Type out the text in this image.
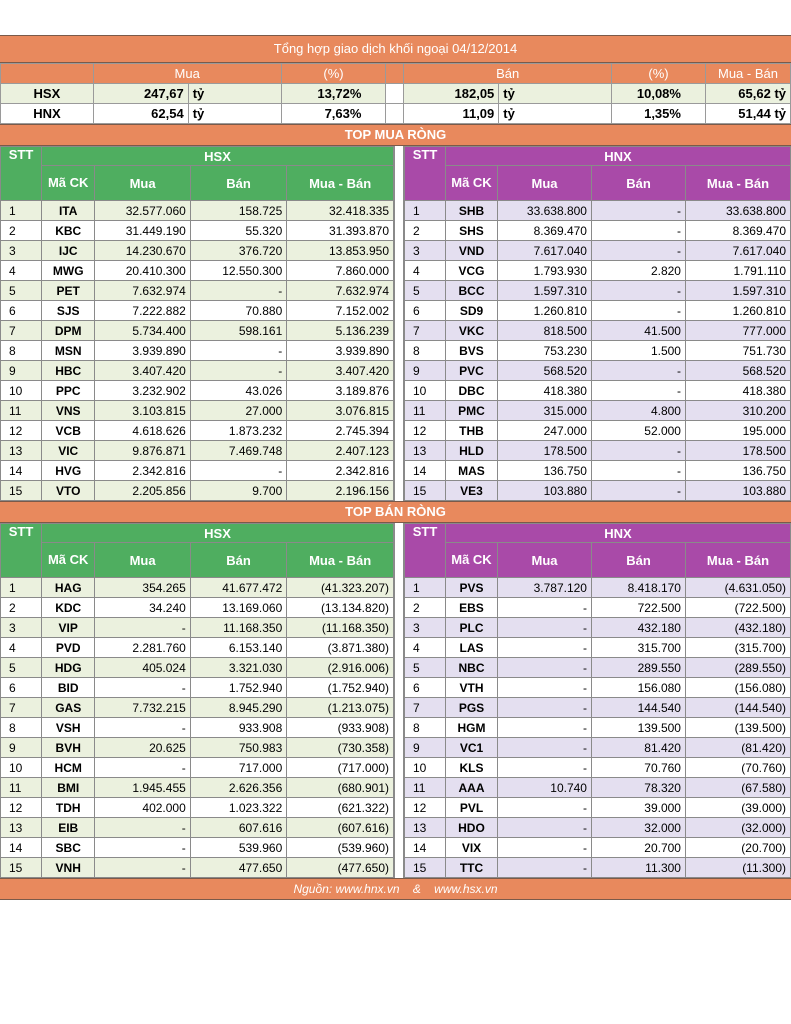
Tổng hợp giao dịch khối ngoại 04/12/2014
	Mua		(%)		Bán		(%)	Mua - Bán
HSX	247,67	tỷ	13,72%		182,05	tỷ	10,08%	65,62 tỷ
HNX	62,54	tỷ	7,63%		11,09	tỷ	1,35%	51,44 tỷ
TOP MUA RÒNG
STT	HSX			
	Mã CK	Mua	Bán	Mua - Bán
1	ITA	32.577.060	158.725	32.418.335
2	KBC	31.449.190	55.320	31.393.870
3	IJC	14.230.670	376.720	13.853.950
4	MWG	20.410.300	12.550.300	7.860.000
5	PET	7.632.974	-	7.632.974
6	SJS	7.222.882	70.880	7.152.002
7	DPM	5.734.400	598.161	5.136.239
8	MSN	3.939.890	-	3.939.890
9	HBC	3.407.420	-	3.407.420
10	PPC	3.232.902	43.026	3.189.876
11	VNS	3.103.815	27.000	3.076.815
12	VCB	4.618.626	1.873.232	2.745.394
13	VIC	9.876.871	7.469.748	2.407.123
14	HVG	2.342.816	-	2.342.816
15	VTO	2.205.856	9.700	2.196.156
STT	HNX			
	Mã CK	Mua	Bán	Mua - Bán
1	SHB	33.638.800	-	33.638.800
2	SHS	8.369.470	-	8.369.470
3	VND	7.617.040	-	7.617.040
4	VCG	1.793.930	2.820	1.791.110
5	BCC	1.597.310	-	1.597.310
6	SD9	1.260.810	-	1.260.810
7	VKC	818.500	41.500	777.000
8	BVS	753.230	1.500	751.730
9	PVC	568.520	-	568.520
10	DBC	418.380	-	418.380
11	PMC	315.000	4.800	310.200
12	THB	247.000	52.000	195.000
13	HLD	178.500	-	178.500
14	MAS	136.750	-	136.750
15	VE3	103.880	-	103.880
TOP BÁN RÒNG
STT	HSX			
	Mã CK	Mua	Bán	Mua - Bán
1	HAG	354.265	41.677.472	(41.323.207)
2	KDC	34.240	13.169.060	(13.134.820)
3	VIP	-	11.168.350	(11.168.350)
4	PVD	2.281.760	6.153.140	(3.871.380)
5	HDG	405.024	3.321.030	(2.916.006)
6	BID	-	1.752.940	(1.752.940)
7	GAS	7.732.215	8.945.290	(1.213.075)
8	VSH	-	933.908	(933.908)
9	BVH	20.625	750.983	(730.358)
10	HCM	-	717.000	(717.000)
11	BMI	1.945.455	2.626.356	(680.901)
12	TDH	402.000	1.023.322	(621.322)
13	EIB	-	607.616	(607.616)
14	SBC	-	539.960	(539.960)
15	VNH	-	477.650	(477.650)
STT	HNX			
	Mã CK	Mua	Bán	Mua - Bán
1	PVS	3.787.120	8.418.170	(4.631.050)
2	EBS	-	722.500	(722.500)
3	PLC	-	432.180	(432.180)
4	LAS	-	315.700	(315.700)
5	NBC	-	289.550	(289.550)
6	VTH	-	156.080	(156.080)
7	PGS	-	144.540	(144.540)
8	HGM	-	139.500	(139.500)
9	VC1	-	81.420	(81.420)
10	KLS	-	70.760	(70.760)
11	AAA	10.740	78.320	(67.580)
12	PVL	-	39.000	(39.000)
13	HDO	-	32.000	(32.000)
14	VIX	-	20.700	(20.700)
15	TTC	-	11.300	(11.300)
Nguồn: www.hnx.vn    &    www.hsx.vn
